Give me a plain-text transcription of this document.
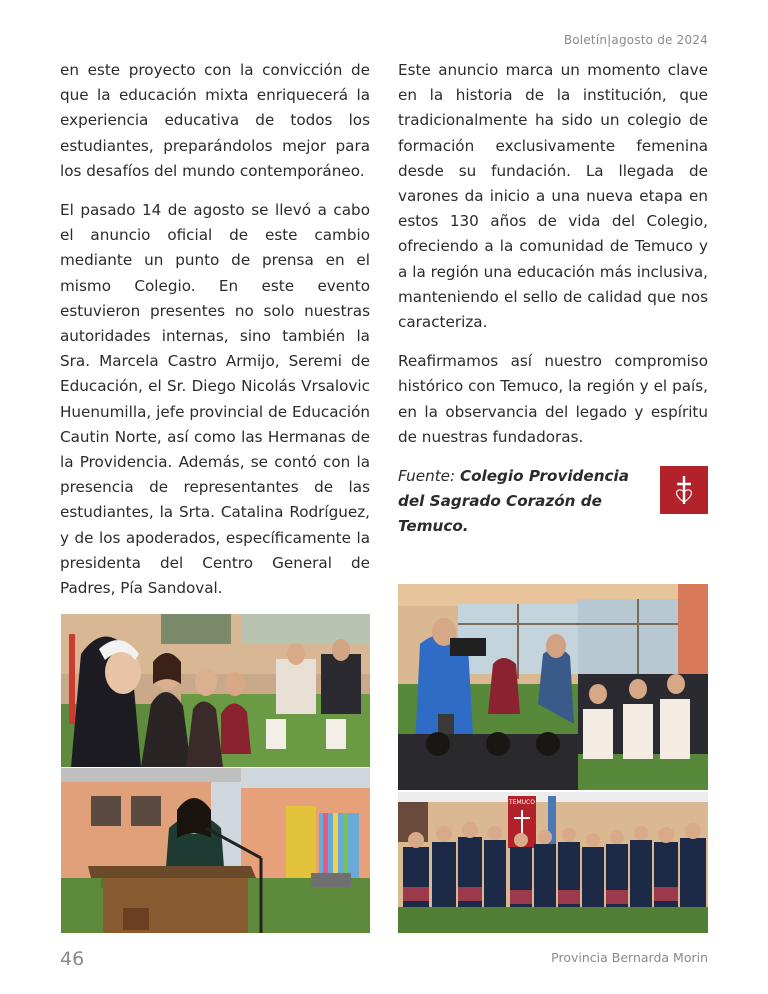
Boletín|agosto de 2024

en este proyecto con la convicción de que la educación mixta enriquecerá la experiencia educativa de todos los estudiantes, preparándolos mejor para los desafíos del mundo contemporáneo.

El pasado 14 de agosto se llevó a cabo el anuncio oficial de este cambio mediante un punto de prensa en el mismo Colegio. En este evento estuvieron presentes no solo nuestras autoridades internas, sino también la Sra. Marcela Castro Armijo, Seremi de Educación, el Sr. Diego Nicolás Vrsalovic Huenumilla, jefe provincial de Educación Cautin Norte, así como las Hermanas de la Providencia. Además, se contó con la presencia de representantes de las estudiantes, la Srta. Catalina Rodríguez, y de los apoderados, específicamente la presidenta del Centro General de Padres, Pía Sandoval.

Este anuncio marca un momento clave en la historia de la institución, que tradicionalmente ha sido un colegio de formación exclusivamente femenina desde su fundación. La llegada de varones da inicio a una nueva etapa en estos 130 años de vida del Colegio, ofreciendo a la comunidad de Temuco y a la región una educación más inclusiva, manteniendo el sello de calidad que nos caracteriza.

Reafirmamos así nuestro compromiso histórico con Temuco, la región y el país, en la observancia del legado y espíritu de nuestras fundadoras.

Fuente: Colegio Providencia del Sagrado Corazón de Temuco.

TEMUCO
46	Provincia Bernarda Morin
